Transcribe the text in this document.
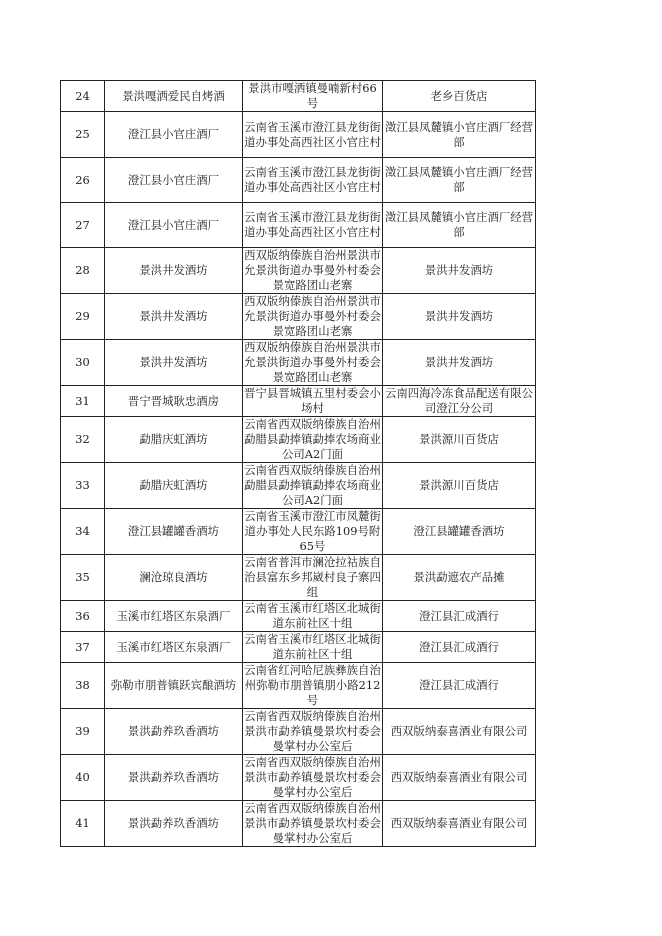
24	景洪嘎洒爱民自烤酒	景洪市嘎洒镇曼喃新村66号	老乡百货店
25	澄江县小官庄酒厂	云南省玉溪市澄江县龙街街道办事处高西社区小官庄村	澂江县凤麓镇小官庄酒厂经营部
26	澄江县小官庄酒厂	云南省玉溪市澄江县龙街街道办事处高西社区小官庄村	澂江县凤麓镇小官庄酒厂经营部
27	澄江县小官庄酒厂	云南省玉溪市澄江县龙街街道办事处高西社区小官庄村	澂江县凤麓镇小官庄酒厂经营部
28	景洪井发酒坊	西双版纳傣族自治州景洪市允景洪街道办事曼外村委会景宽路团山老寨	景洪井发酒坊
29	景洪井发酒坊	西双版纳傣族自治州景洪市允景洪街道办事曼外村委会景宽路团山老寨	景洪井发酒坊
30	景洪井发酒坊	西双版纳傣族自治州景洪市允景洪街道办事曼外村委会景宽路团山老寨	景洪井发酒坊
31	晋宁晋城耿忠酒房	晋宁县晋城镇五里村委会小场村	云南四海冷冻食品配送有限公司澄江分公司
32	勐腊庆虹酒坊	云南省西双版纳傣族自治州勐腊县勐捧镇勐捧农场商业公司A2门面	景洪源川百货店
33	勐腊庆虹酒坊	云南省西双版纳傣族自治州勐腊县勐捧镇勐捧农场商业公司A2门面	景洪源川百货店
34	澄江县罐罐香酒坊	云南省玉溪市澄江市凤麓街道办事处人民东路109号附65号	澄江县罐罐香酒坊
35	澜沧琼良酒坊	云南省普洱市澜沧拉祜族自治县富东乡邦崴村良子寨四组	景洪勐遮农产品摊
36	玉溪市红塔区东泉酒厂	云南省玉溪市红塔区北城街道东前社区十组	澄江县汇成酒行
37	玉溪市红塔区东泉酒厂	云南省玉溪市红塔区北城街道东前社区十组	澄江县汇成酒行
38	弥勒市朋普镇跃宾酿酒坊	云南省红河哈尼族彝族自治州弥勒市朋普镇朋小路212号	澄江县汇成酒行
39	景洪勐养玖香酒坊	云南省西双版纳傣族自治州景洪市勐养镇曼景坎村委会曼掌村办公室后	西双版纳泰喜酒业有限公司
40	景洪勐养玖香酒坊	云南省西双版纳傣族自治州景洪市勐养镇曼景坎村委会曼掌村办公室后	西双版纳泰喜酒业有限公司
41	景洪勐养玖香酒坊	云南省西双版纳傣族自治州景洪市勐养镇曼景坎村委会曼掌村办公室后	西双版纳泰喜酒业有限公司
